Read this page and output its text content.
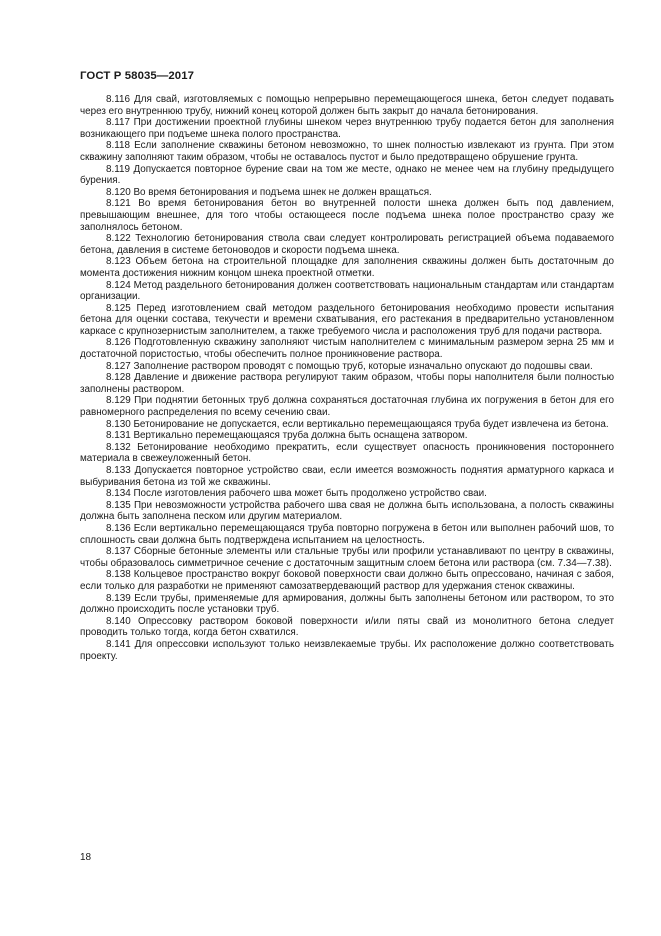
ГОСТ Р 58035—2017

8.116 Для свай, изготовляемых с помощью непрерывно перемещающегося шнека, бетон следует подавать через его внутреннюю трубу, нижний конец которой должен быть закрыт до начала бетонирования.

8.117 При достижении проектной глубины шнеком через внутреннюю трубу подается бетон для заполнения возникающего при подъеме шнека полого пространства.

8.118 Если заполнение скважины бетоном невозможно, то шнек полностью извлекают из грунта. При этом скважину заполняют таким образом, чтобы не оставалось пустот и было предотвращено обрушение грунта.

8.119 Допускается повторное бурение сваи на том же месте, однако не менее чем на глубину предыдущего бурения.

8.120 Во время бетонирования и подъема шнек не должен вращаться.

8.121 Во время бетонирования бетон во внутренней полости шнека должен быть под давлением, превышающим внешнее, для того чтобы остающееся после подъема шнека полое пространство сразу же заполнялось бетоном.

8.122 Технологию бетонирования ствола сваи следует контролировать регистрацией объема подаваемого бетона, давления в системе бетоноводов и скорости подъема шнека.

8.123 Объем бетона на строительной площадке для заполнения скважины должен быть достаточным до момента достижения нижним концом шнека проектной отметки.

8.124 Метод раздельного бетонирования должен соответствовать национальным стандартам или стандартам организации.

8.125 Перед изготовлением свай методом раздельного бетонирования необходимо провести испытания бетона для оценки состава, текучести и времени схватывания, его растекания в предварительно установленном каркасе с крупнозернистым заполнителем, а также требуемого числа и расположения труб для подачи раствора.

8.126 Подготовленную скважину заполняют чистым наполнителем с минимальным размером зерна 25 мм и достаточной пористостью, чтобы обеспечить полное проникновение раствора.

8.127 Заполнение раствором проводят с помощью труб, которые изначально опускают до подошвы сваи.

8.128 Давление и движение раствора регулируют таким образом, чтобы поры наполнителя были полностью заполнены раствором.

8.129 При поднятии бетонных труб должна сохраняться достаточная глубина их погружения в бетон для его равномерного распределения по всему сечению сваи.

8.130 Бетонирование не допускается, если вертикально перемещающаяся труба будет извлечена из бетона.

8.131 Вертикально перемещающаяся труба должна быть оснащена затвором.

8.132 Бетонирование необходимо прекратить, если существует опасность проникновения постороннего материала в свежеуложенный бетон.

8.133 Допускается повторное устройство сваи, если имеется возможность поднятия арматурного каркаса и выбуривания бетона из той же скважины.

8.134 После изготовления рабочего шва может быть продолжено устройство сваи.

8.135 При невозможности устройства рабочего шва свая не должна быть использована, а полость скважины должна быть заполнена песком или другим материалом.

8.136 Если вертикально перемещающаяся труба повторно погружена в бетон или выполнен рабочий шов, то сплошность сваи должна быть подтверждена испытанием на целостность.

8.137 Сборные бетонные элементы или стальные трубы или профили устанавливают по центру в скважины, чтобы образовалось симметричное сечение с достаточным защитным слоем бетона или раствора (см. 7.34—7.38).

8.138 Кольцевое пространство вокруг боковой поверхности сваи должно быть опрессовано, начиная с забоя, если только для разработки не применяют самозатвердевающий раствор для удержания стенок скважины.

8.139 Если трубы, применяемые для армирования, должны быть заполнены бетоном или раствором, то это должно происходить после установки труб.

8.140 Опрессовку раствором боковой поверхности и/или пяты свай из монолитного бетона следует проводить только тогда, когда бетон схватился.

8.141 Для опрессовки используют только неизвлекаемые трубы. Их расположение должно соответствовать проекту.

18
